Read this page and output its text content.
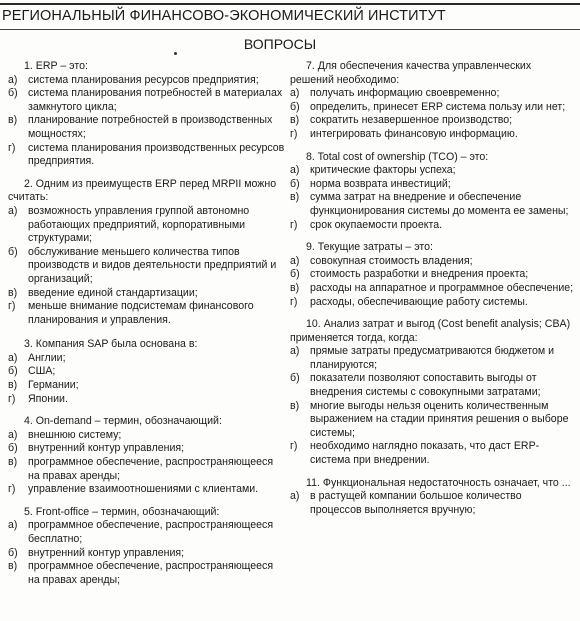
РЕГИОНАЛЬНЫЙ ФИНАНСОВО-ЭКОНОМИЧЕСКИЙ ИНСТИТУТ
ВОПРОСЫ
1. ERP – это:
а) система планирования ресурсов предприятия;
б) система планирования потребностей в материалах замкнутого цикла;
в)	планирование потребностей в производственных мощностях;
г)	система планирования производственных ресурсов предприятия.
2. Одним из преимуществ ERP перед MRPII можно считать:
а) возможность управления группой автономно работающих предприятий, корпоративными структурами;
б) обслуживание меньшего количества типов производств и видов деятельности предприятий и организаций;
в)	введение единой стандартизации;
г)	меньше внимание подсистемам финансового планирования и управления.
3. Компания SAP была основана в:
а) Англии;
б) США;
в)	Германии;
г)	Японии.
4. On-demand – термин, обозначающий:
а) внешнюю систему;
б) внутренний контур управления;
в)	программное обеспечение, распространяющееся на правах аренды;
г)	управление взаимоотношениями с клиентами.
5. Front-office – термин, обозначающий:
а) программное обеспечение, распространяющееся бесплатно;
б) внутренний контур управления;
в)	программное обеспечение, распространяющееся на правах аренды;
7. Для обеспечения качества управленческих решений необходимо:
а) получать информацию своевременно;
б) определить, принесет ERP система пользу или нет;
в)	сократить незавершенное производство;
г)	интегрировать финансовую информацию.
8. Total cost of ownership (TCO) – это:
а) критические факторы успеха;
б) норма возврата инвестиций;
в)	сумма затрат на внедрение и обеспечение функционирования системы до момента ее замены;
г)	срок окупаемости проекта.
9. Текущие затраты – это:
а) совокупная стоимость владения;
б) стоимость разработки и внедрения проекта;
в)	расходы на аппаратное и программное обеспечение;
г)	расходы, обеспечивающие работу системы.
10. Анализ затрат и выгод (Cost benefit analysis; CBA) применяется тогда, когда:
а) прямые затраты предусматриваются бюджетом и планируются;
б) показатели позволяют сопоставить выгоды от внедрения системы с совокупными затратами;
в)	многие выгоды нельзя оценить количественным выражением на стадии принятия решения о выборе системы;
г)	необходимо наглядно показать, что даст ERP-система при внедрении.
11. Функциональная недостаточность означает, что ...
а) в растущей компании большое количество процессов выполняется вручную;
